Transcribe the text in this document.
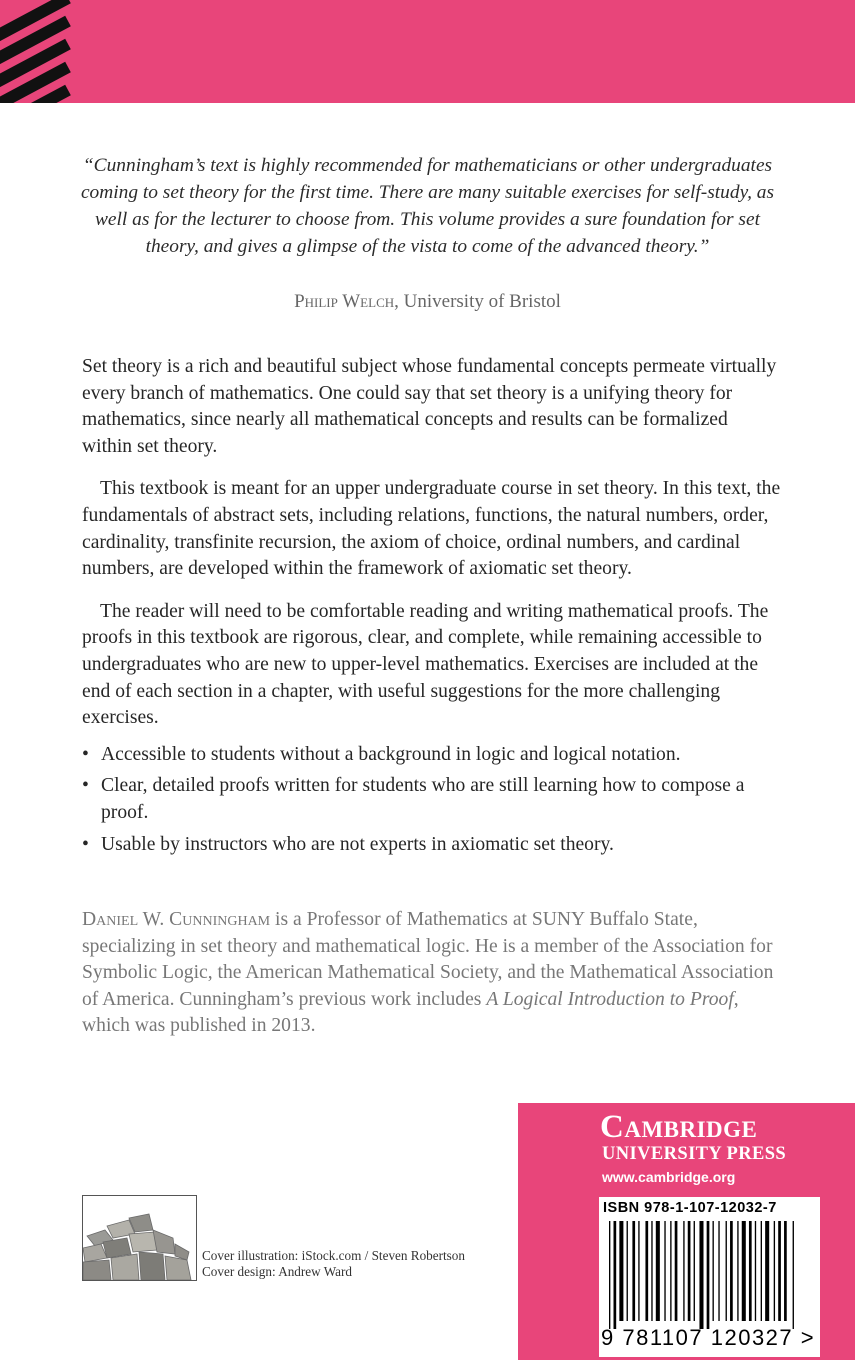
“Cunningham’s text is highly recommended for mathematicians or other undergraduates coming to set theory for the first time. There are many suitable exercises for self-study, as well as for the lecturer to choose from. This volume provides a sure foundation for set theory, and gives a glimpse of the vista to come of the advanced theory.”
Philip Welch, University of Bristol

Set theory is a rich and beautiful subject whose fundamental concepts permeate virtually every branch of mathematics. One could say that set theory is a unifying theory for mathematics, since nearly all mathematical concepts and results can be formalized within set theory.

This textbook is meant for an upper undergraduate course in set theory. In this text, the fundamentals of abstract sets, including relations, functions, the natural numbers, order, cardinality, transfinite recursion, the axiom of choice, ordinal numbers, and cardinal numbers, are developed within the framework of axiomatic set theory.

The reader will need to be comfortable reading and writing mathematical proofs. The proofs in this textbook are rigorous, clear, and complete, while remaining accessible to undergraduates who are new to upper-level mathematics. Exercises are included at the end of each section in a chapter, with useful suggestions for the more challenging exercises.

• Accessible to students without a background in logic and logical notation.
• Clear, detailed proofs written for students who are still learning how to compose a proof.
• Usable by instructors who are not experts in axiomatic set theory.
Daniel W. Cunningham is a Professor of Mathematics at SUNY Buffalo State, specializing in set theory and mathematical logic. He is a member of the Association for Symbolic Logic, the American Mathematical Society, and the Mathematical Association of America. Cunningham’s previous work includes A Logical Introduction to Proof, which was published in 2013.
Cover illustration: iStock.com / Steven Robertson
Cover design: Andrew Ward
Cambridge
UNIVERSITY PRESS
www.cambridge.org
ISBN 978-1-107-12032-7
9 781107 120327 >
